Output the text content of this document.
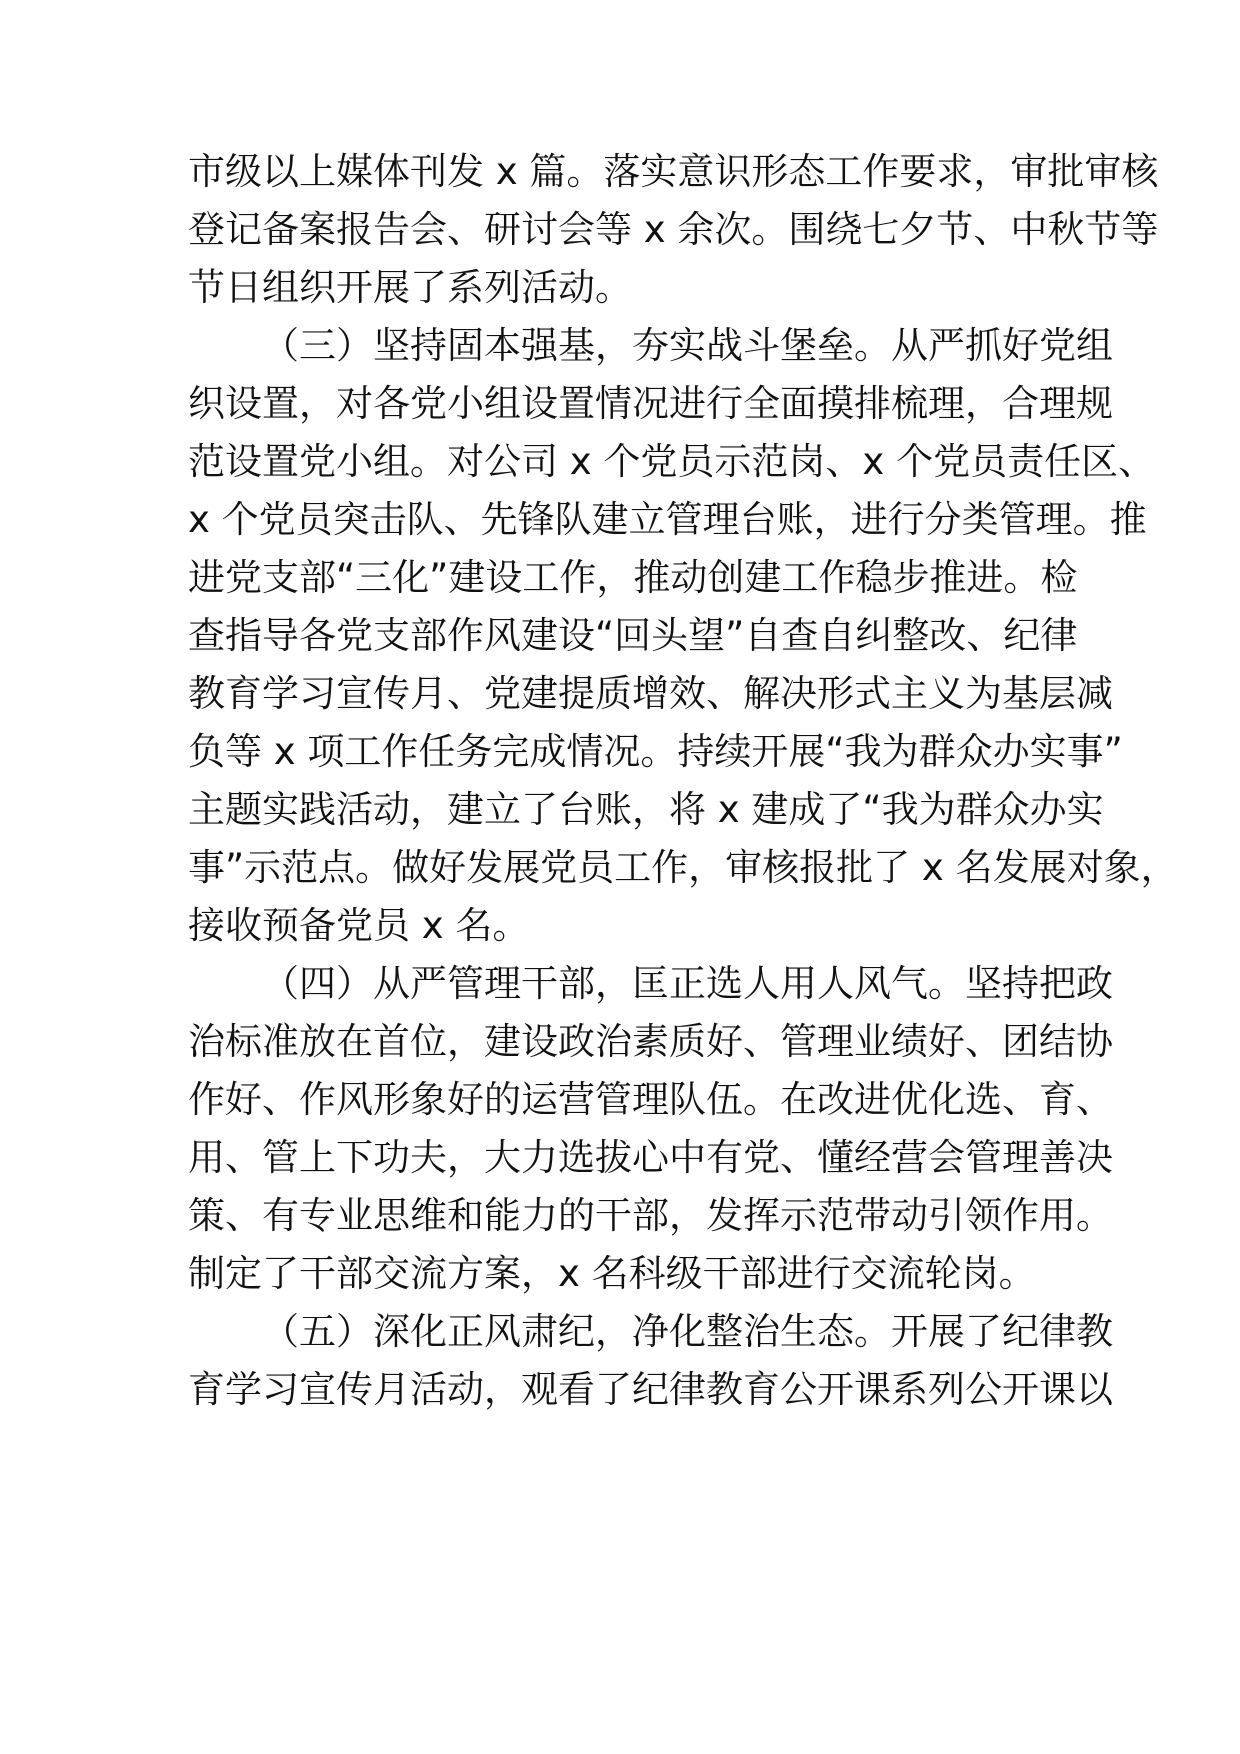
市级以上媒体刊发 x 篇。落实意识形态工作要求，审批审核
登记备案报告会、研讨会等 x 余次。围绕七夕节、中秋节等
节日组织开展了系列活动。
（三）坚持固本强基，夯实战斗堡垒。从严抓好党组
织设置，对各党小组设置情况进行全面摸排梳理，合理规
范设置党小组。对公司 x 个党员示范岗、x 个党员责任区、
x 个党员突击队、先锋队建立管理台账，进行分类管理。推
进党支部“三化”建设工作，推动创建工作稳步推进。检
查指导各党支部作风建设“回头望”自查自纠整改、纪律
教育学习宣传月、党建提质增效、解决形式主义为基层减
负等 x 项工作任务完成情况。持续开展“我为群众办实事”
主题实践活动，建立了台账，将 x 建成了“我为群众办实
事”示范点。做好发展党员工作，审核报批了 x 名发展对象，
接收预备党员 x 名。
（四）从严管理干部，匡正选人用人风气。坚持把政
治标准放在首位，建设政治素质好、管理业绩好、团结协
作好、作风形象好的运营管理队伍。在改进优化选、育、
用、管上下功夫，大力选拔心中有党、懂经营会管理善决
策、有专业思维和能力的干部，发挥示范带动引领作用。
制定了干部交流方案，x 名科级干部进行交流轮岗。
（五）深化正风肃纪，净化整治生态。开展了纪律教
育学习宣传月活动，观看了纪律教育公开课系列公开课以
